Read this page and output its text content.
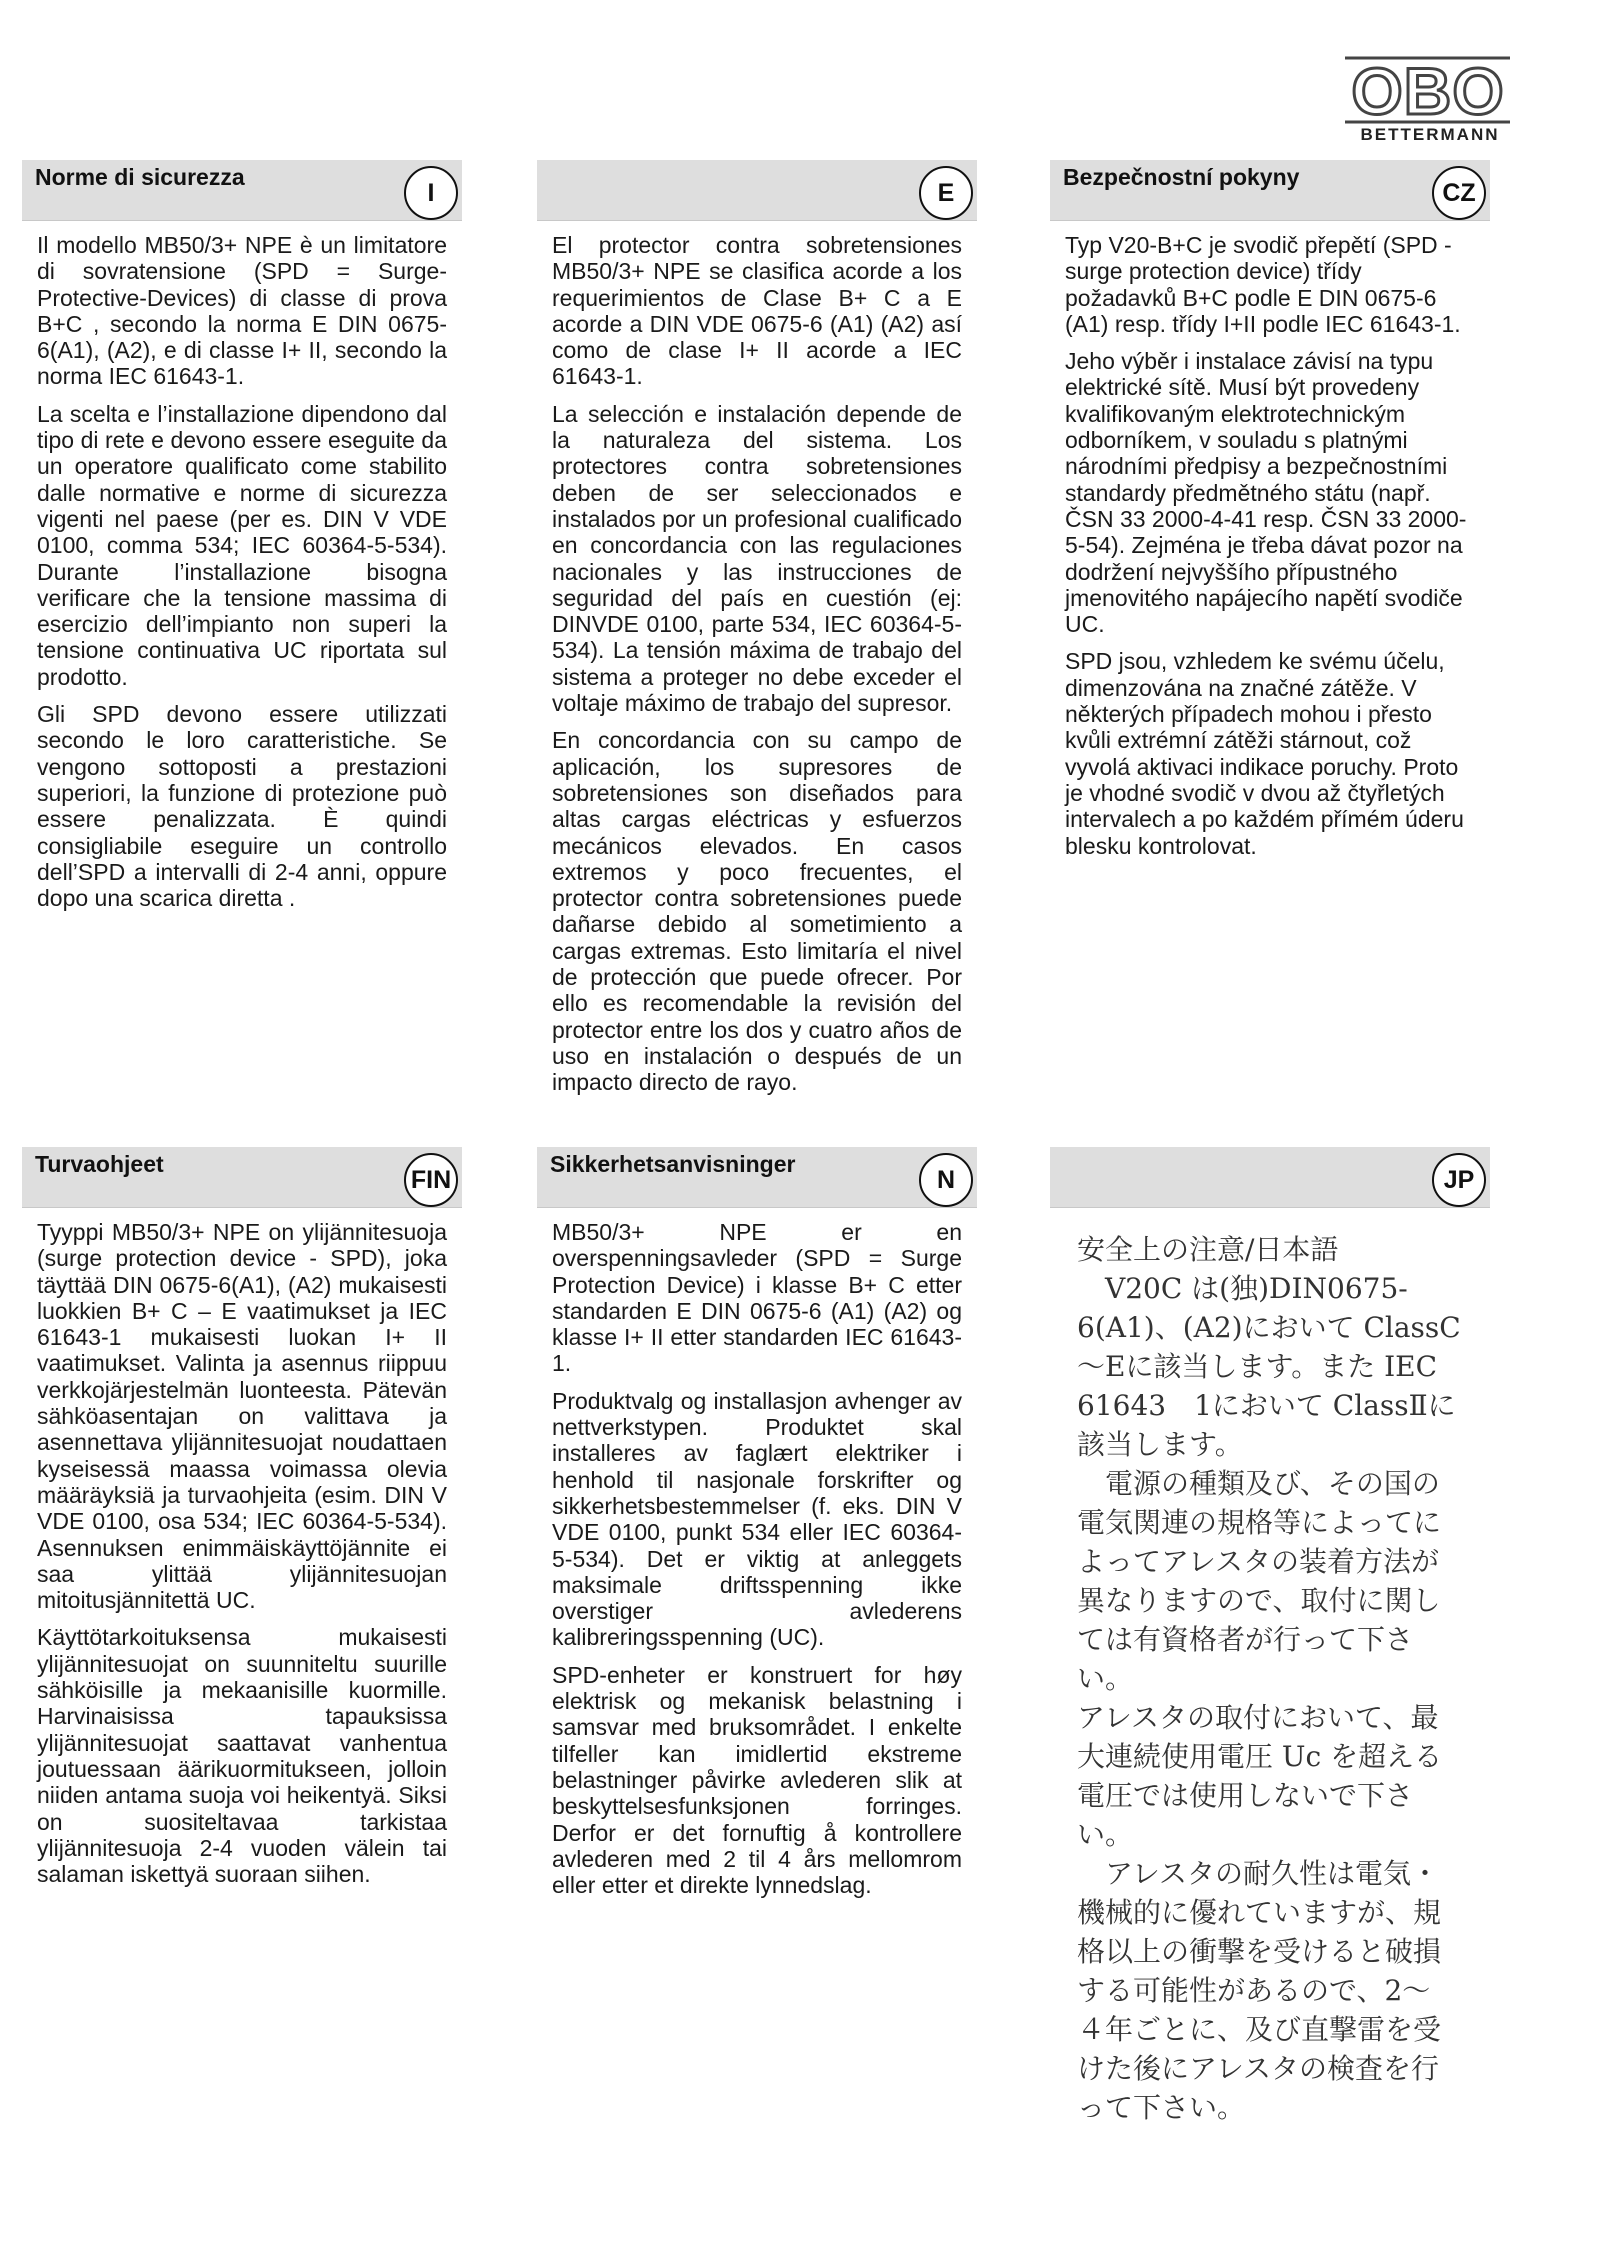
OBO
BETTERMANN
Norme di sicurezza
I

Il modello MB50/3+ NPE è un limitatore di sovratensione (SPD = Surge- Protective-Devices) di classe di prova B+C , secondo la norma E DIN 0675-6(A1), (A2), e di classe I+ II, secondo la norma IEC 61643-1.

La scelta e l’installazione dipendono dal tipo di rete e devono essere eseguite da un operatore qualificato come stabilito dalle normative e norme di sicurezza vigenti nel paese (per es. DIN V VDE 0100, comma 534; IEC 60364-5-534). Durante l’installazione bisogna verificare che la tensione massima di esercizio dell’impianto non superi la tensione continuativa UC riportata sul prodotto.

Gli SPD devono essere utilizzati secondo le loro caratteristiche. Se vengono sottoposti a prestazioni superiori, la funzione di protezione può essere penalizzata. È quindi consigliabile eseguire un controllo dell’SPD a intervalli di 2-4 anni, oppure dopo una scarica diretta .

E

El protector contra sobretensiones MB50/3+ NPE se clasifica acorde a los requerimientos de Clase B+ C a E acorde a DIN VDE 0675-6 (A1) (A2) así como de clase I+ II acorde a IEC 61643-1.

La selección e instalación depende de la naturaleza del sistema. Los protectores contra sobretensiones deben de ser seleccionados e instalados por un profesional cualificado en concordancia con las regulaciones nacionales y las instrucciones de seguridad del país en cuestión (ej: DINVDE 0100, parte 534, IEC 60364-5-534). La tensión máxima de trabajo del sistema a proteger no debe exceder el voltaje máximo de trabajo del supresor.

En concordancia con su campo de aplicación, los supresores de sobretensiones son diseñados para altas cargas eléctricas y esfuerzos mecánicos elevados. En casos extremos y poco frecuentes, el protector contra sobretensiones puede dañarse debido al sometimiento a cargas extremas. Esto limitaría el nivel de protección que puede ofrecer. Por ello es recomendable la revisión del protector entre los dos y cuatro años de uso en instalación o después de un impacto directo de rayo.

Bezpečnostní pokyny
CZ

Typ V20-B+C je svodič přepětí (SPD - surge protection device) třídy požadavků B+C podle E DIN 0675-6 (A1) resp. třídy I+II podle IEC 61643-1.

Jeho výběr i instalace závisí na typu elektrické sítě. Musí být provedeny kvalifikovaným elektrotechnickým odborníkem, v souladu s platnými národními předpisy a bezpečnostními standardy předmětného státu (např. ČSN 33 2000-4-41 resp. ČSN 33 2000-5-54). Zejména je třeba dávat pozor na dodržení nejvyššího přípustného jmenovitého napájecího napětí svodiče UC.

SPD jsou, vzhledem ke svému účelu, dimenzována na značné zátěže. V některých případech mohou i přesto kvůli extrémní zátěži stárnout, což vyvolá aktivaci indikace poruchy. Proto je vhodné svodič v dvou až čtyřletých intervalech a po každém přímém úderu blesku kontrolovat.

Turvaohjeet
FIN

Tyyppi MB50/3+ NPE on ylijännitesuoja (surge protection device - SPD), joka täyttää DIN 0675-6(A1), (A2) mukaisesti luokkien B+ C – E vaatimukset ja IEC 61643-1 mukaisesti luokan I+ II vaatimukset. Valinta ja asennus riippuu verkkojärjestelmän luonteesta. Pätevän sähköasentajan on valittava ja asennettava ylijännitesuojat noudattaen kyseisessä maassa voimassa olevia määräyksiä ja turvaohjeita (esim. DIN V VDE 0100, osa 534; IEC 60364-5-534). Asennuksen enimmäiskäyttöjännite ei saa ylittää ylijännitesuojan mitoitusjännitettä UC.

Käyttötarkoituksensa mukaisesti ylijännitesuojat on suunniteltu suurille sähköisille ja mekaanisille kuormille. Harvinaisissa tapauksissa ylijännitesuojat saattavat vanhentua joutuessaan äärikuormitukseen, jolloin niiden antama suoja voi heikentyä. Siksi on suositeltavaa tarkistaa ylijännitesuoja 2-4 vuoden välein tai salaman iskettyä suoraan siihen.

Sikkerhetsanvisninger
N

MB50/3+ NPE er en overspenningsavleder (SPD = Surge Protection Device) i klasse B+ C etter standarden E DIN 0675-6 (A1) (A2) og klasse I+ II etter standarden IEC 61643-1.

Produktvalg og installasjon avhenger av nettverkstypen. Produktet skal installeres av faglært elektriker i henhold til nasjonale forskrifter og sikkerhetsbestemmelser (f. eks. DIN V VDE 0100, punkt 534 eller IEC 60364-5-534). Det er viktig at anleggets maksimale driftsspenning ikke overstiger avlederens kalibreringsspenning (UC).

SPD-enheter er konstruert for høy elektrisk og mekanisk belastning i samsvar med bruksområdet. I enkelte tilfeller kan imidlertid ekstreme belastninger påvirke avlederen slik at beskyttelsesfunksjonen forringes. Derfor er det fornuftig å kontrollere avlederen med 2 til 4 års mellomrom eller etter et direkte lynnedslag.

JP

安全上の注意/日本語

　V20C は(独)DIN0675-

6(A1)、(A2)において ClassC

～Eに該当します。また IEC

61643　1において ClassⅡに

該当します。

　電源の種類及び、その国の

電気関連の規格等によってに

よってアレスタの装着方法が

異なりますので、取付に関し

ては有資格者が行って下さ

い。

アレスタの取付において、最

大連続使用電圧 Uc を超える

電圧では使用しないで下さ

い。

　アレスタの耐久性は電気・

機械的に優れていますが、規

格以上の衝撃を受けると破損

する可能性があるので、2～

４年ごとに、及び直撃雷を受

けた後にアレスタの検査を行

って下さい。
